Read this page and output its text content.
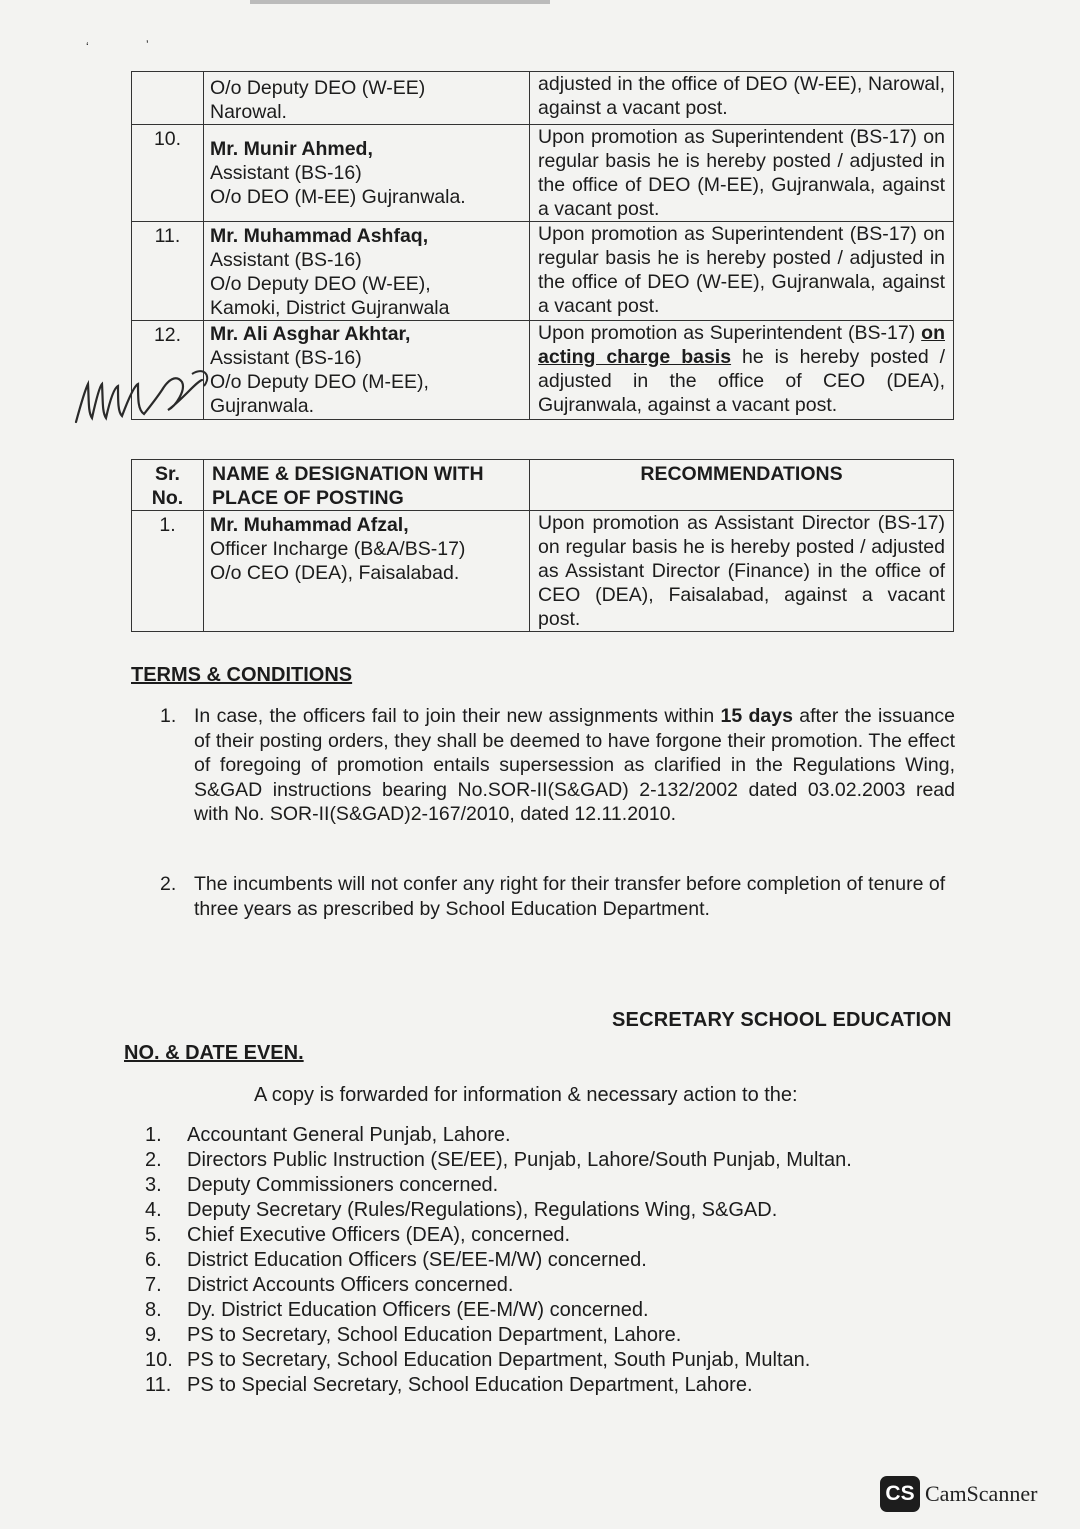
ʻ	ʼ

	O/o Deputy DEO (W-EE)
Narowal.	adjusted in the office of DEO (W-EE), Narowal, against a vacant post.
10.	Mr. Munir Ahmed,
Assistant (BS-16)
O/o DEO (M-EE) Gujranwala.	Upon promotion as Superintendent (BS-17) on regular basis he is hereby posted / adjusted in the office of DEO (M-EE), Gujranwala, against a vacant post.
11.	Mr. Muhammad Ashfaq,
Assistant (BS-16)
O/o Deputy DEO (W-EE),
Kamoki, District Gujranwala	Upon promotion as Superintendent (BS-17) on regular basis he is hereby posted / adjusted in the office of DEO (W-EE), Gujranwala, against a vacant post.
12.	Mr. Ali Asghar Akhtar,
Assistant (BS-16)
O/o Deputy DEO (M-EE),
Gujranwala.	Upon promotion as Superintendent (BS-17) on acting charge basis he is hereby posted / adjusted in the office of CEO (DEA), Gujranwala, against a vacant post.
Sr. No.	NAME & DESIGNATION WITH PLACE OF POSTING	RECOMMENDATIONS
1.	Mr. Muhammad Afzal,
Officer Incharge (B&A/BS-17)
O/o CEO (DEA), Faisalabad.	Upon promotion as Assistant Director (BS-17) on regular basis he is hereby posted / adjusted as Assistant Director (Finance) in the office of CEO (DEA), Faisalabad, against a vacant post.
TERMS & CONDITIONS
1. In case, the officers fail to join their new assignments within 15 days after the issuance of their posting orders, they shall be deemed to have forgone their promotion. The effect of foregoing of promotion entails supersession as clarified in the Regulations Wing, S&GAD instructions bearing No.SOR-II(S&GAD) 2-132/2002 dated 03.02.2003 read with No. SOR-II(S&GAD)2-167/2010, dated 12.11.2010.
2. The incumbents will not confer any right for their transfer before completion of tenure of three years as prescribed by School Education Department.
SECRETARY SCHOOL EDUCATION
NO. & DATE EVEN.
A copy is forwarded for information & necessary action to the:
1.	Accountant General Punjab, Lahore.
2.	Directors Public Instruction (SE/EE), Punjab, Lahore/South Punjab, Multan.
3.	Deputy Commissioners concerned.
4.	Deputy Secretary (Rules/Regulations), Regulations Wing, S&GAD.
5.	Chief Executive Officers (DEA), concerned.
6.	District Education Officers (SE/EE-M/W) concerned.
7.	District Accounts Officers concerned.
8.	Dy. District Education Officers (EE-M/W) concerned.
9.	PS to Secretary, School Education Department, Lahore.
10. PS to Secretary, School Education Department, South Punjab, Multan.
11. PS to Special Secretary, School Education Department, Lahore.
CS CamScanner
